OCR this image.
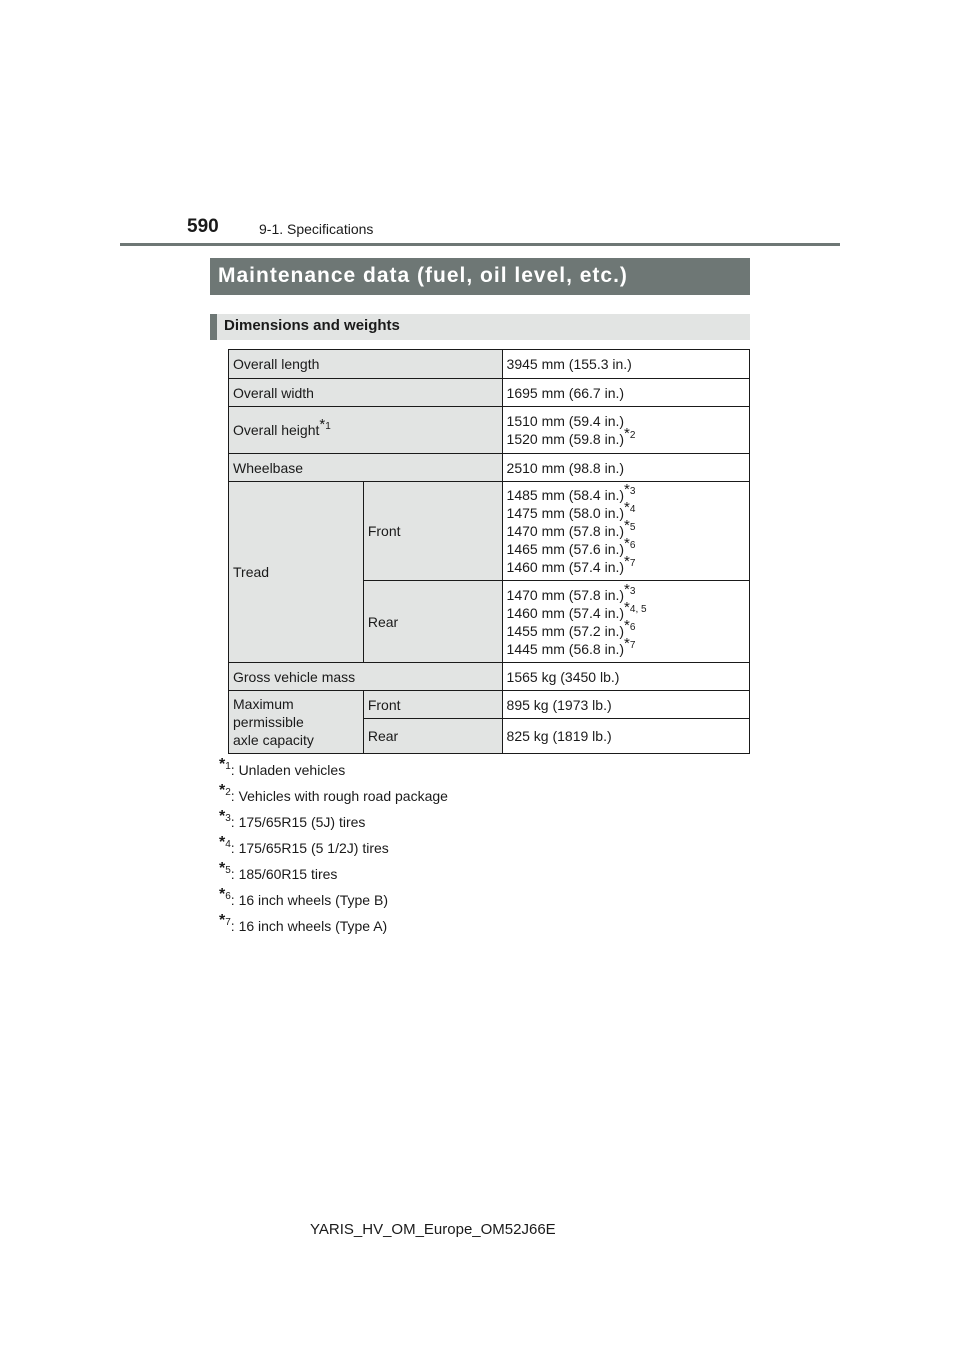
590	9-1. Specifications
Maintenance data (fuel, oil level, etc.)
Dimensions and weights
Overall length		3945 mm (155.3 in.)
Overall width		1695 mm (66.7 in.)
Overall height$^{*1}$		1510 mm (59.4 in.)
1520 mm (59.8 in.)$^{*2}$

Wheelbase		2510 mm (98.8 in.)
Tread	Front	1485 mm (58.4 in.)$^{*3}$
1475 mm (58.0 in.)$^{*4}$
1470 mm (57.8 in.)$^{*5}$
1465 mm (57.6 in.)$^{*6}$
1460 mm (57.4 in.)$^{*7}$

	Rear	1470 mm (57.8 in.)$^{*3}$
1460 mm (57.4 in.)$^{*4, 5}$
1455 mm (57.2 in.)$^{*6}$
1445 mm (56.8 in.)$^{*7}$

Gross vehicle mass		1565 kg (3450 lb.)

Maximum
permissible
axle capacity	Front	895 kg (1973 lb.)
	Rear	825 kg (1819 lb.)
$^{*1}$: Unladen vehicles
$^{*2}$: Vehicles with rough road package
$^{*3}$: 175/65R15 (5J) tires
$^{*4}$: 175/65R15 (5 1/2J) tires
$^{*5}$: 185/60R15 tires
$^{*6}$: 16 inch wheels (Type B)
$^{*7}$: 16 inch wheels (Type A)
YARIS_HV_OM_Europe_OM52J66E
